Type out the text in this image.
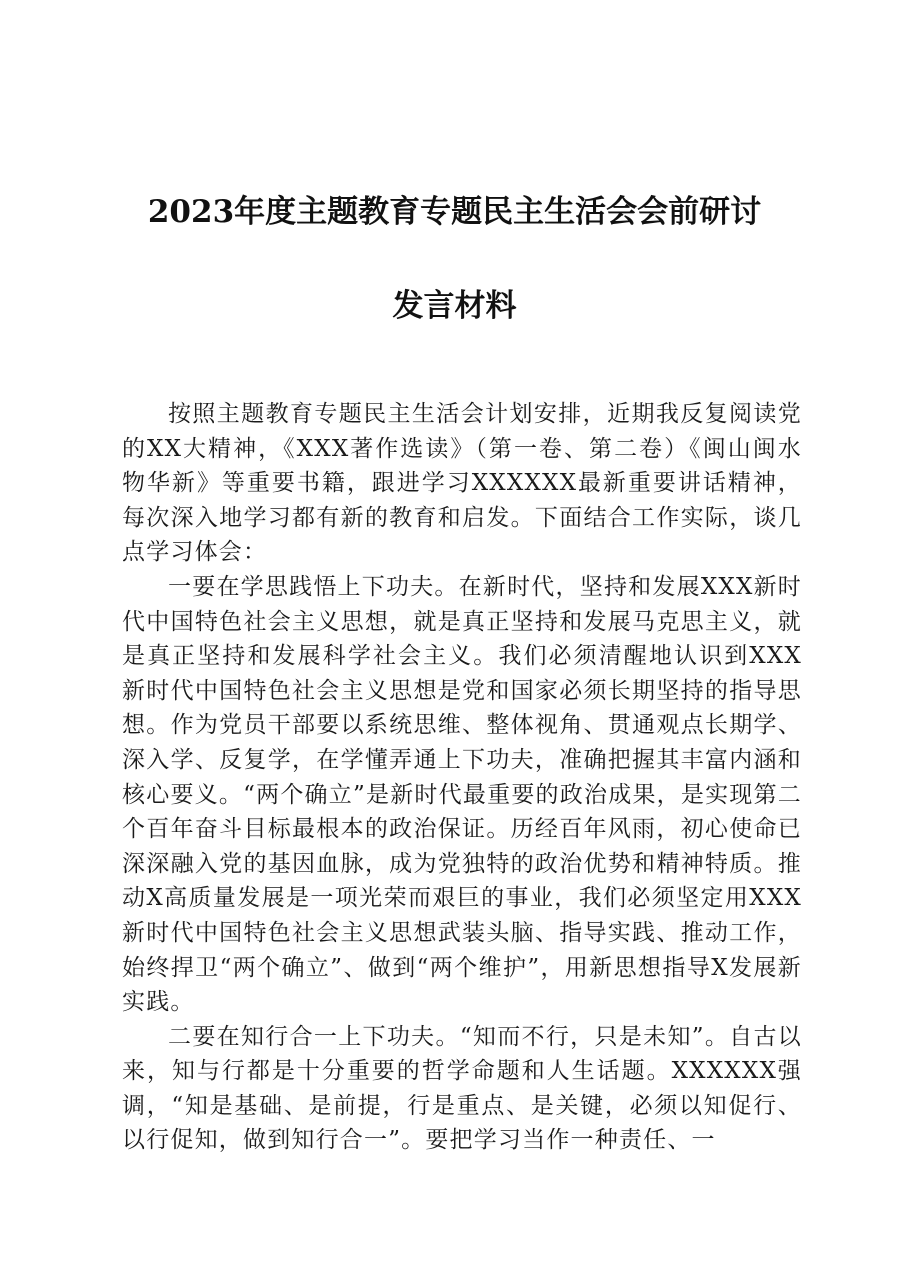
2023年度主题教育专题民主生活会会前研讨
发言材料

按照主题教育专题民主生活会计划安排，近期我反复阅读党的XX大精神，《XXX著作选读》（第一卷、第二卷）《闽山闽水物华新》等重要书籍，跟进学习XXXXXX最新重要讲话精神，每次深入地学习都有新的教育和启发。下面结合工作实际，谈几点学习体会：

一要在学思践悟上下功夫。在新时代，坚持和发展XXX新时代中国特色社会主义思想，就是真正坚持和发展马克思主义，就是真正坚持和发展科学社会主义。我们必须清醒地认识到XXX新时代中国特色社会主义思想是党和国家必须长期坚持的指导思想。作为党员干部要以系统思维、整体视角、贯通观点长期学、深入学、反复学，在学懂弄通上下功夫，准确把握其丰富内涵和核心要义。“两个确立”是新时代最重要的政治成果，是实现第二个百年奋斗目标最根本的政治保证。历经百年风雨，初心使命已深深融入党的基因血脉，成为党独特的政治优势和精神特质。推动X高质量发展是一项光荣而艰巨的事业，我们必须坚定用XXX新时代中国特色社会主义思想武装头脑、指导实践、推动工作，始终捍卫“两个确立”、做到“两个维护”，用新思想指导X发展新实践。

二要在知行合一上下功夫。“知而不行，只是未知”。自古以来，知与行都是十分重要的哲学命题和人生话题。XXXXXX强调，“知是基础、是前提，行是重点、是关键，必须以知促行、以行促知，做到知行合一”。要把学习当作一种责任、一
